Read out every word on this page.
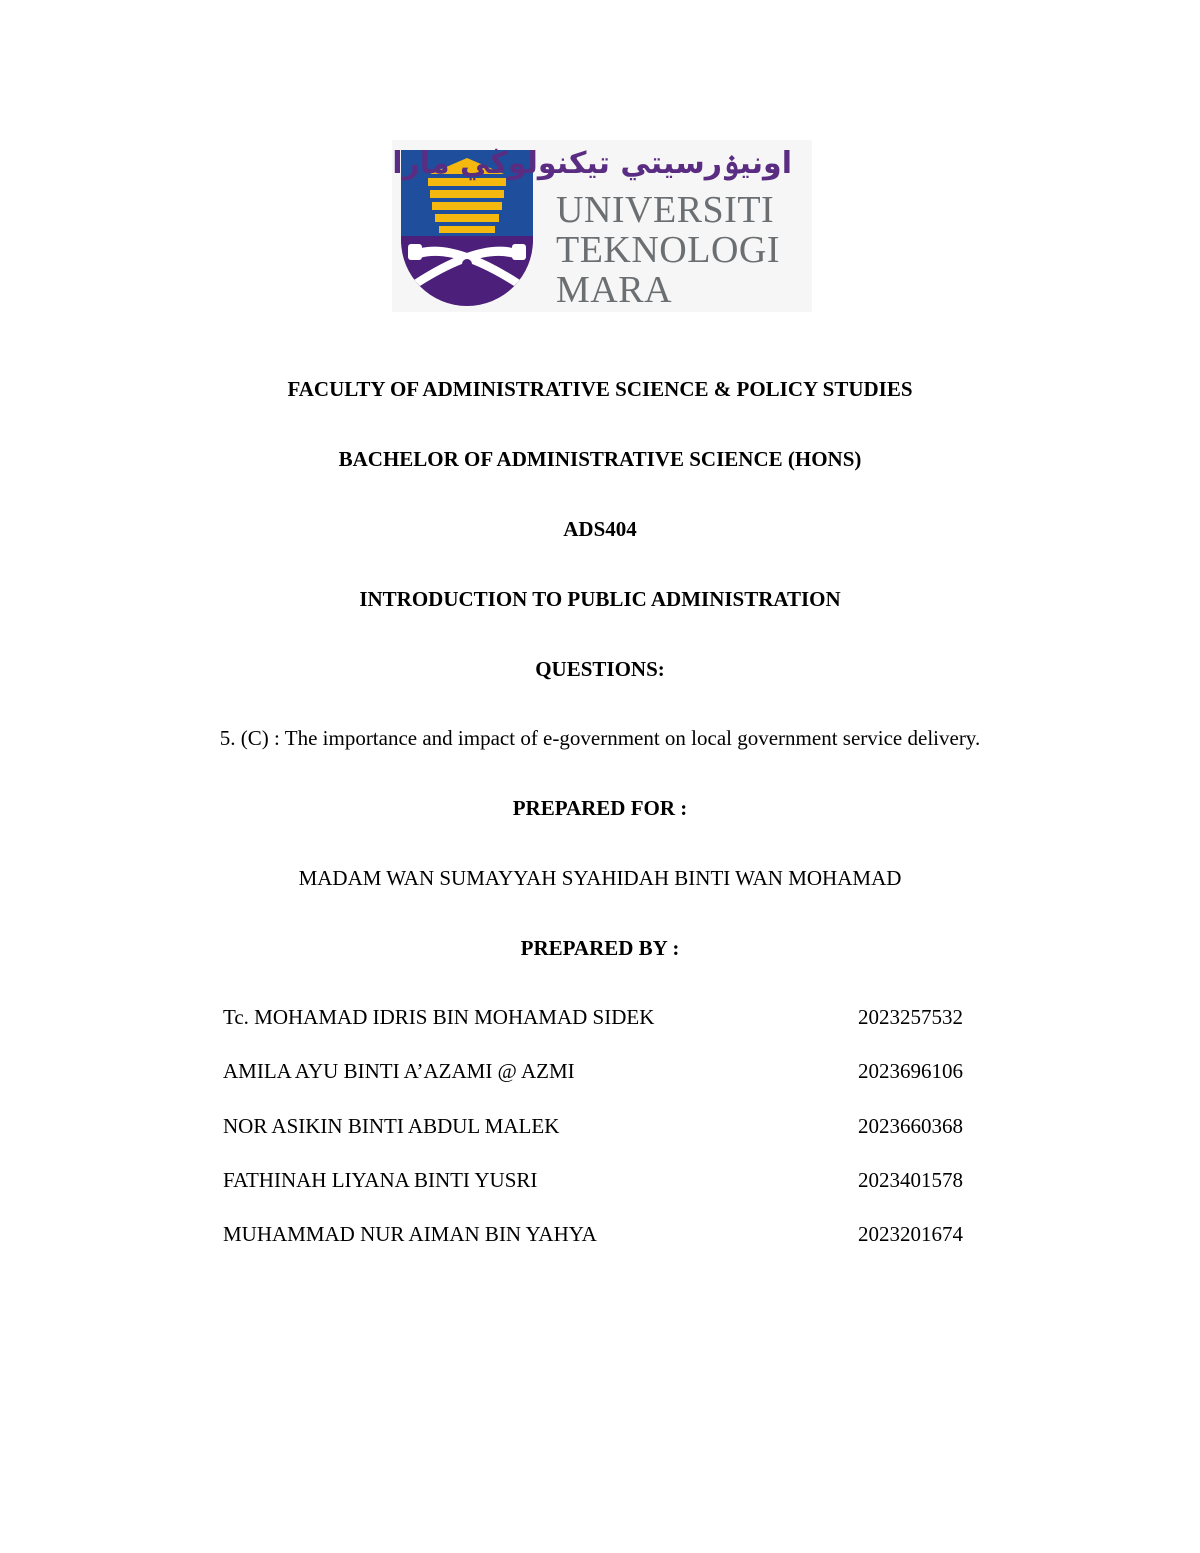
اونيۏرسيتي تيكنولوڬي مارا
UNIVERSITI
TEKNOLOGI
MARA
FACULTY OF ADMINISTRATIVE SCIENCE & POLICY STUDIES
BACHELOR OF ADMINISTRATIVE SCIENCE (HONS)
ADS404
INTRODUCTION TO PUBLIC ADMINISTRATION
QUESTIONS:
5. (C) : The importance and impact of e-government on local government service delivery.
PREPARED FOR :
MADAM WAN SUMAYYAH SYAHIDAH BINTI WAN MOHAMAD
PREPARED BY :
Tc. MOHAMAD IDRIS BIN MOHAMAD SIDEK	2023257532
AMILA AYU BINTI A’AZAMI @ AZMI	2023696106
NOR ASIKIN BINTI ABDUL MALEK	2023660368
FATHINAH LIYANA BINTI YUSRI	2023401578
MUHAMMAD NUR AIMAN BIN YAHYA	2023201674
